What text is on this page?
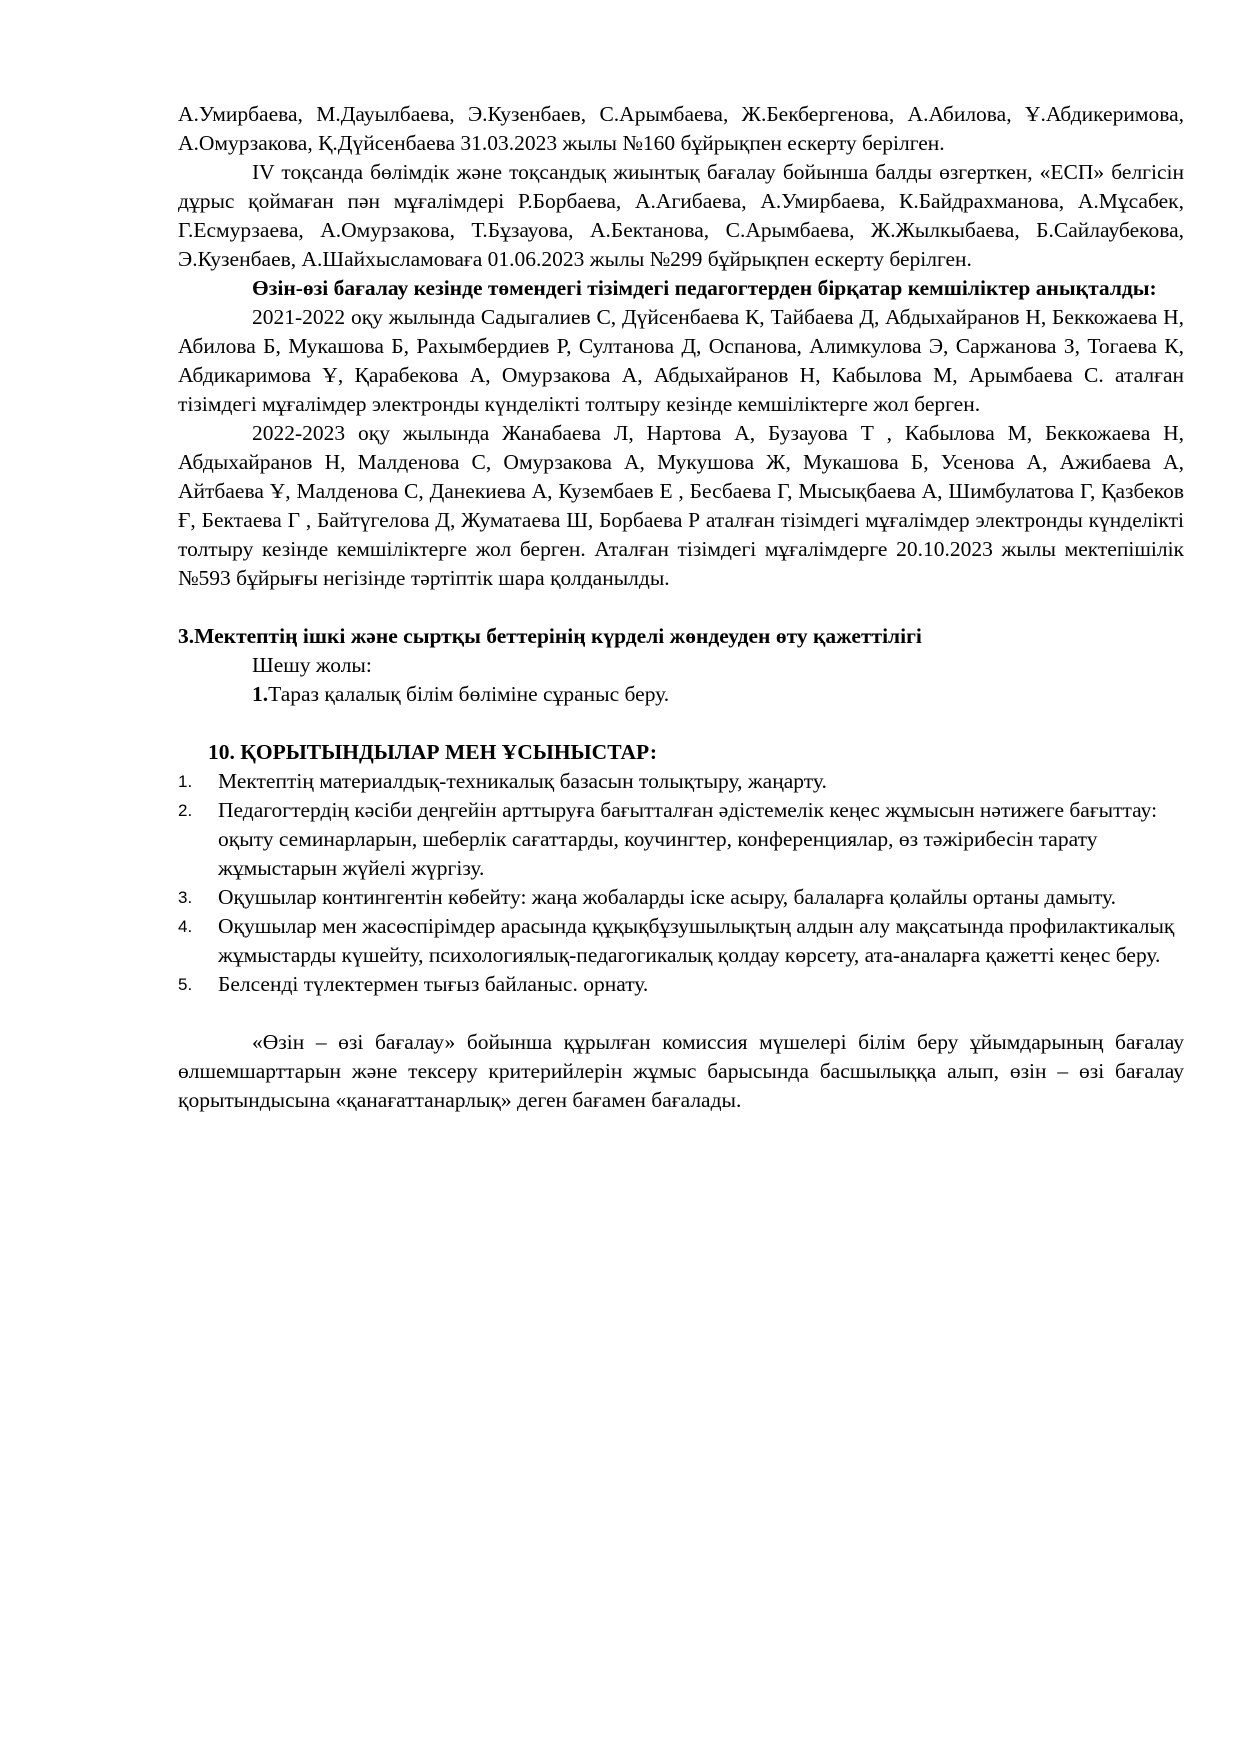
А.Умирбаева, М.Дауылбаева, Э.Кузенбаев, С.Арымбаева, Ж.Бекбергенова, А.Абилова, Ұ.Абдикеримова, А.Омурзакова, Қ.Дүйсенбаева 31.03.2023 жылы №160 бұйрықпен ескерту берілген.

IV тоқсанда бөлімдік және тоқсандық жиынтық бағалау бойынша балды өзгерткен, «ЕСП» белгісін дұрыс қоймаған пән мұғалімдері Р.Борбаева, А.Агибаева, А.Умирбаева, К.Байдрахманова, А.Мұсабек, Г.Есмурзаева, А.Омурзакова, Т.Бұзауова, А.Бектанова, С.Арымбаева, Ж.Жылкыбаева, Б.Сайлаубекова, Э.Кузенбаев, А.Шайхысламоваға 01.06.2023 жылы №299 бұйрықпен ескерту берілген.

Өзін-өзі бағалау кезінде төмендегі тізімдегі педагогтерден бірқатар кемшіліктер анықталды:

2021-2022 оқу жылында Садыгалиев С, Дүйсенбаева К, Тайбаева Д, Абдыхайранов Н, Беккожаева Н, Абилова Б, Мукашова Б, Рахымбердиев Р, Султанова Д, Оспанова, Алимкулова Э, Саржанова З, Тогаева К, Абдикаримова Ұ, Қарабекова А, Омурзакова А, Абдыхайранов Н, Кабылова М, Арымбаева С. аталған тізімдегі мұғалімдер электронды күнделікті толтыру кезінде кемшіліктерге жол берген.

2022-2023 оқу жылында Жанабаева Л, Нартова А, Бузауова Т , Кабылова М, Беккожаева Н, Абдыхайранов Н, Малденова С, Омурзакова А, Мукушова Ж, Мукашова Б, Усенова А, Ажибаева А, Айтбаева Ұ, Малденова С, Данекиева А, Кузембаев Е , Бесбаева Г, Мысықбаева А, Шимбулатова Г, Қазбеков Ғ, Бектаева Г , Байтүгелова Д, Жуматаева Ш, Борбаева Р аталған тізімдегі мұғалімдер электронды күнделікті толтыру кезінде кемшіліктерге жол берген. Аталған тізімдегі мұғалімдерге 20.10.2023 жылы мектепішілік №593 бұйрығы негізінде тәртіптік шара қолданылды.

3.Мектептің ішкі және сыртқы беттерінің күрделі жөндеуден өту қажеттілігі

Шешу жолы:

1.Тараз қалалық білім бөліміне сұраныс беру.

10. ҚОРЫТЫНДЫЛАР МЕН ҰСЫНЫСТАР:

1. Мектептің материалдық-техникалық базасын толықтыру, жаңарту.
2. Педагогтердің кәсіби деңгейін арттыруға бағытталған әдістемелік кеңес жұмысын нәтижеге бағыттау: оқыту семинарларын, шеберлік сағаттарды, коучингтер, конференциялар, өз тәжірибесін тарату жұмыстарын жүйелі жүргізу.
3. Оқушылар контингентін көбейту: жаңа жобаларды іске асыру, балаларға қолайлы ортаны дамыту.
4. Оқушылар мен жасөспірімдер арасында құқықбұзушылықтың алдын алу мақсатында профилактикалық жұмыстарды күшейту, психологиялық-педагогикалық қолдау көрсету, ата-аналарға қажетті кеңес беру.
5. Белсенді түлектермен тығыз байланыс. орнату.

«Өзін – өзі бағалау» бойынша құрылған комиссия мүшелері білім беру ұйымдарының бағалау өлшемшарттарын және тексеру критерийлерін жұмыс барысында басшылыққа алып, өзін – өзі бағалау қорытындысына «қанағаттанарлық» деген бағамен бағалады.
